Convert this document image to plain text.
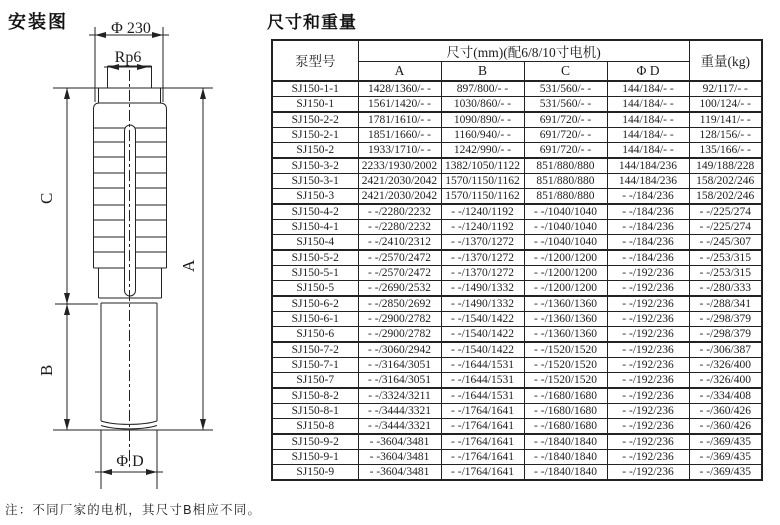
安装图	尺寸和重量
Φ 230
Rp6
C
B
A
Φ D
泵型号	尺寸(mm)(配6/8/10寸电机)				重量(kg)
	A	B	C	Φ D	
SJ150-1-1	1428/1360/- -	897/800/- -	531/560/- -	144/184/- -	92/117/- -
SJ150-1	1561/1420/- -	1030/860/- -	531/560/- -	144/184/- -	100/124/- -
SJ150-2-2	1781/1610/- -	1090/890/- -	691/720/- -	144/184/- -	119/141/- -
SJ150-2-1	1851/1660/- -	1160/940/- -	691/720/- -	144/184/- -	128/156/- -
SJ150-2	1933/1710/- -	1242/990/- -	691/720/- -	144/184/- -	135/166/- -
SJ150-3-2	2233/1930/2002	1382/1050/1122	851/880/880	144/184/236	149/188/228
SJ150-3-1	2421/2030/2042	1570/1150/1162	851/880/880	144/184/236	158/202/246
SJ150-3	2421/2030/2042	1570/1150/1162	851/880/880	- -/184/236	158/202/246
SJ150-4-2	- -/2280/2232	- -/1240/1192	- -/1040/1040	- -/184/236	- -/225/274
SJ150-4-1	- -/2280/2232	- -/1240/1192	- -/1040/1040	- -/184/236	- -/225/274
SJ150-4	- -/2410/2312	- -/1370/1272	- -/1040/1040	- -/184/236	- -/245/307
SJ150-5-2	- -/2570/2472	- -/1370/1272	- -/1200/1200	- -/184/236	- -/253/315
SJ150-5-1	- -/2570/2472	- -/1370/1272	- -/1200/1200	- -/192/236	- -/253/315
SJ150-5	- -/2690/2532	- -/1490/1332	- -/1200/1200	- -/192/236	- -/280/333
SJ150-6-2	- -/2850/2692	- -/1490/1332	- -/1360/1360	- -/192/236	- -/288/341
SJ150-6-1	- -/2900/2782	- -/1540/1422	- -/1360/1360	- -/192/236	- -/298/379
SJ150-6	- -/2900/2782	- -/1540/1422	- -/1360/1360	- -/192/236	- -/298/379
SJ150-7-2	- -/3060/2942	- -/1540/1422	- -/1520/1520	- -/192/236	- -/306/387
SJ150-7-1	- -/3164/3051	- -/1644/1531	- -/1520/1520	- -/192/236	- -/326/400
SJ150-7	- -/3164/3051	- -/1644/1531	- -/1520/1520	- -/192/236	- -/326/400
SJ150-8-2	- -/3324/3211	- -/1644/1531	- -/1680/1680	- -/192/236	- -/334/408
SJ150-8-1	- -/3444/3321	- -/1764/1641	- -/1680/1680	- -/192/236	- -/360/426
SJ150-8	- -/3444/3321	- -/1764/1641	- -/1680/1680	- -/192/236	- -/360/426
SJ150-9-2	- -3604/3481	- -/1764/1641	- -/1840/1840	- -/192/236	- -/369/435
SJ150-9-1	- -3604/3481	- -/1764/1641	- -/1840/1840	- -/192/236	- -/369/435
SJ150-9	- -3604/3481	- -/1764/1641	- -/1840/1840	- -/192/236	- -/369/435
注：不同厂家的电机，其尺寸B相应不同。
